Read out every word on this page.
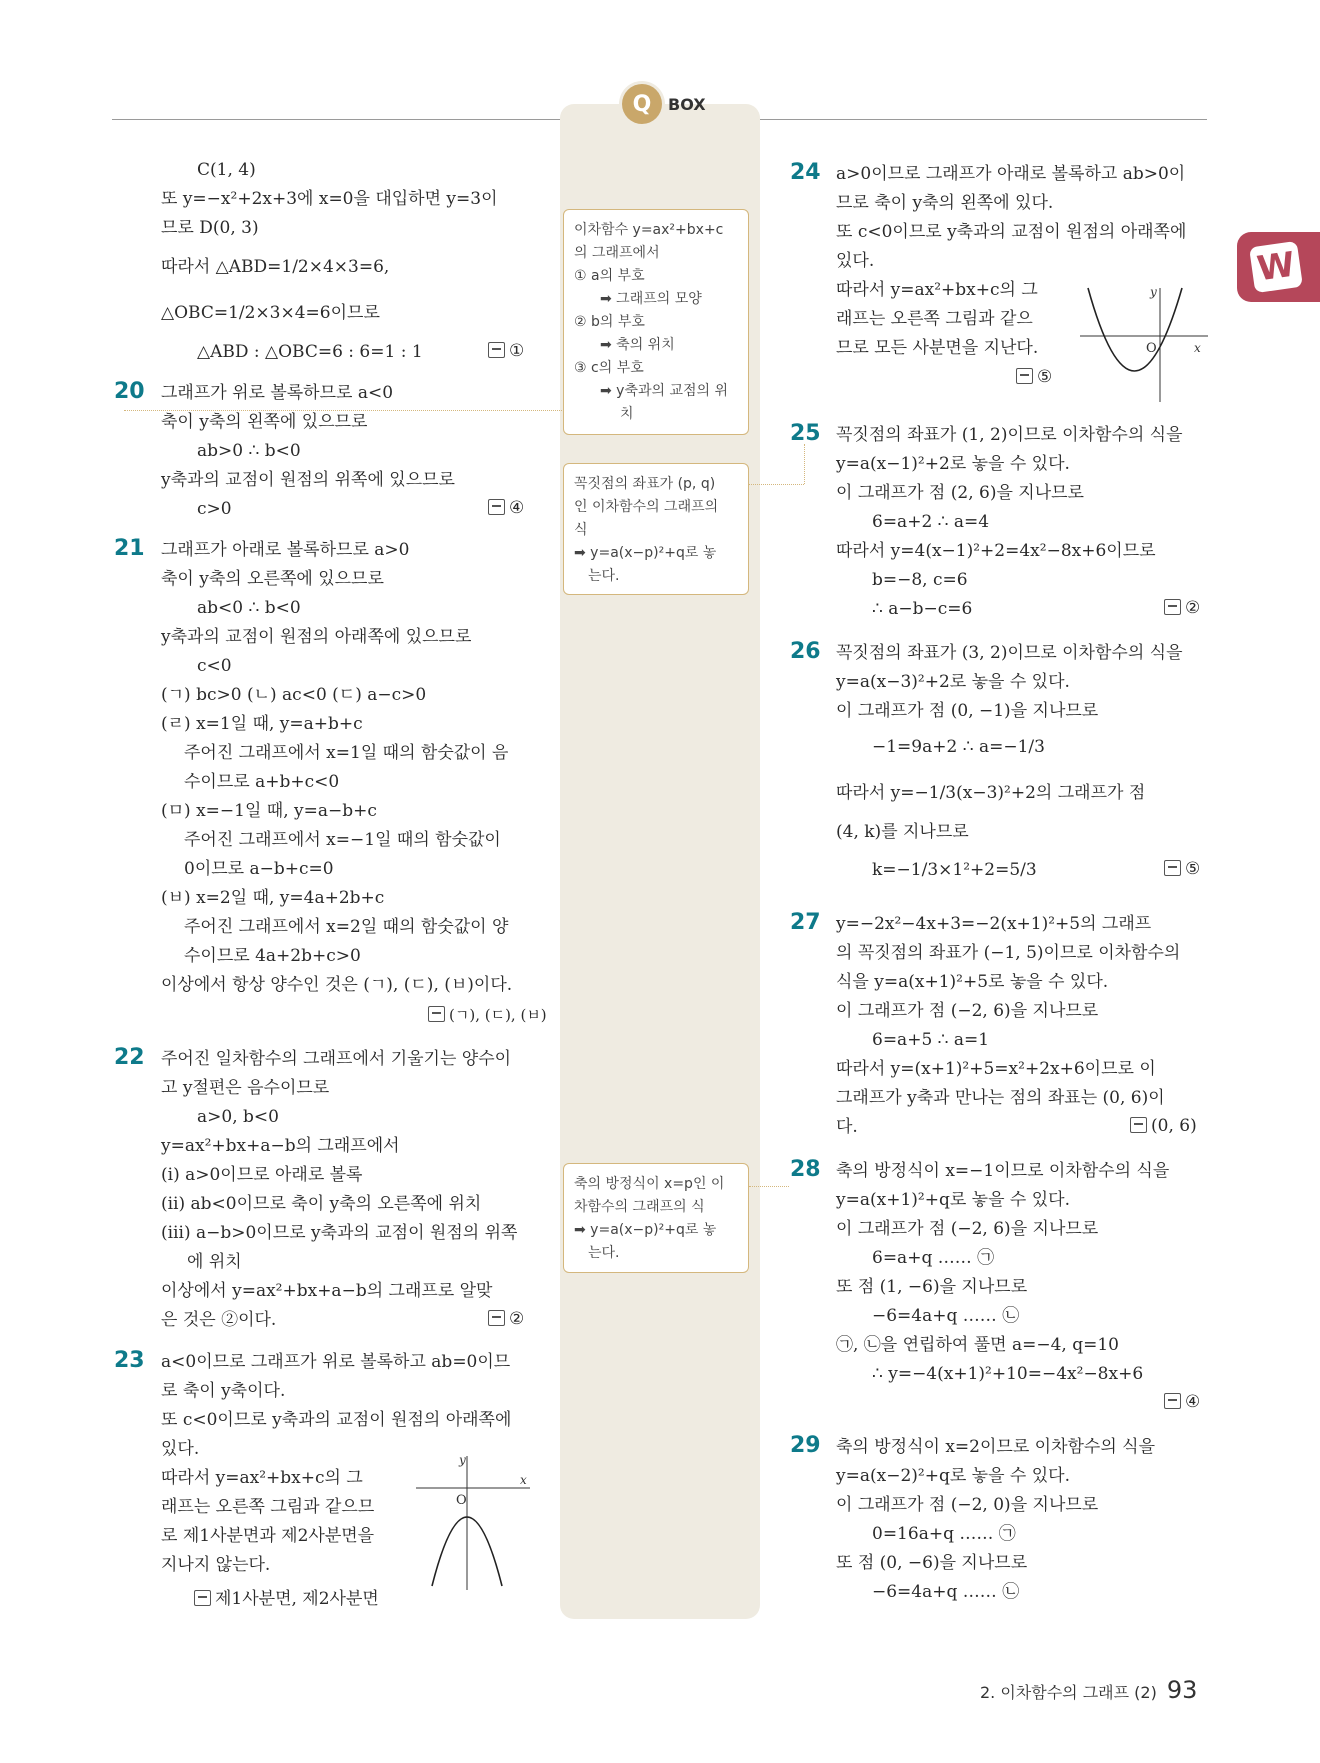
Q	BOX
이차함수 y=ax²+bx+c
의 그래프에서
① a의 부호
➡ 그래프의 모양
② b의 부호
➡ 축의 위치
③ c의 부호
➡ y축과의 교점의 위
치
꼭짓점의 좌표가 (p, q)
인 이차함수의 그래프의
식
➡ y=a(x−p)²+q로 놓
는다.
축의 방정식이 x=p인 이
차함수의 그래프의 식
➡ y=a(x−p)²+q로 놓
는다.
C(1, 4)
또 y=−x²+2x+3에 x=0을 대입하면 y=3이
므로 D(0, 3)
따라서 △ABD=1/2×4×3=6,
△OBC=1/2×3×4=6이므로
△ABD : △OBC=6 : 6=1 : 1	①
20 그래프가 위로 볼록하므로 a<0
축이 y축의 왼쪽에 있으므로
ab>0 ∴ b<0
y축과의 교점이 원점의 위쪽에 있으므로
c>0	④
21 그래프가 아래로 볼록하므로 a>0
축이 y축의 오른쪽에 있으므로
ab<0 ∴ b<0
y축과의 교점이 원점의 아래쪽에 있으므로
c<0
(ㄱ) bc>0 (ㄴ) ac<0 (ㄷ) a−c>0
(ㄹ) x=1일 때, y=a+b+c
주어진 그래프에서 x=1일 때의 함숫값이 음
수이므로 a+b+c<0
(ㅁ) x=−1일 때, y=a−b+c
주어진 그래프에서 x=−1일 때의 함숫값이
0이므로 a−b+c=0
(ㅂ) x=2일 때, y=4a+2b+c
주어진 그래프에서 x=2일 때의 함숫값이 양
수이므로 4a+2b+c>0
이상에서 항상 양수인 것은 (ㄱ), (ㄷ), (ㅂ)이다.
(ㄱ), (ㄷ), (ㅂ)
22 주어진 일차함수의 그래프에서 기울기는 양수이
고 y절편은 음수이므로
a>0, b<0
y=ax²+bx+a−b의 그래프에서
(ⅰ) a>0이므로 아래로 볼록
(ⅱ) ab<0이므로 축이 y축의 오른쪽에 위치
(ⅲ) a−b>0이므로 y축과의 교점이 원점의 위쪽
에 위치
이상에서 y=ax²+bx+a−b의 그래프로 알맞
은 것은 ②이다.	②
23 a<0이므로 그래프가 위로 볼록하고 ab=0이므
로 축이 y축이다.
또 c<0이므로 y축과의 교점이 원점의 아래쪽에
있다.
따라서 y=ax²+bx+c의 그
래프는 오른쪽 그림과 같으므
로 제1사분면과 제2사분면을
지나지 않는다.
제1사분면, 제2사분면
y
x
O
24 a>0이므로 그래프가 아래로 볼록하고 ab>0이
므로 축이 y축의 왼쪽에 있다.
또 c<0이므로 y축과의 교점이 원점의 아래쪽에
있다.
따라서 y=ax²+bx+c의 그
래프는 오른쪽 그림과 같으
므로 모든 사분면을 지난다.
⑤
y
x
O
25 꼭짓점의 좌표가 (1, 2)이므로 이차함수의 식을
y=a(x−1)²+2로 놓을 수 있다.
이 그래프가 점 (2, 6)을 지나므로
6=a+2 ∴ a=4
따라서 y=4(x−1)²+2=4x²−8x+6이므로
b=−8, c=6
∴ a−b−c=6	②
26 꼭짓점의 좌표가 (3, 2)이므로 이차함수의 식을
y=a(x−3)²+2로 놓을 수 있다.
이 그래프가 점 (0, −1)을 지나므로
−1=9a+2 ∴ a=−1/3
따라서 y=−1/3(x−3)²+2의 그래프가 점
(4, k)를 지나므로
k=−1/3×1²+2=5/3	⑤
27 y=−2x²−4x+3=−2(x+1)²+5의 그래프
의 꼭짓점의 좌표가 (−1, 5)이므로 이차함수의
식을 y=a(x+1)²+5로 놓을 수 있다.
이 그래프가 점 (−2, 6)을 지나므로
6=a+5 ∴ a=1
따라서 y=(x+1)²+5=x²+2x+6이므로 이
그래프가 y축과 만나는 점의 좌표는 (0, 6)이
다.	(0, 6)
28 축의 방정식이 x=−1이므로 이차함수의 식을
y=a(x+1)²+q로 놓을 수 있다.
이 그래프가 점 (−2, 6)을 지나므로
6=a+q …… ㉠
또 점 (1, −6)을 지나므로
−6=4a+q …… ㉡
㉠, ㉡을 연립하여 풀면 a=−4, q=10
∴ y=−4(x+1)²+10=−4x²−8x+6
④
29 축의 방정식이 x=2이므로 이차함수의 식을
y=a(x−2)²+q로 놓을 수 있다.
이 그래프가 점 (−2, 0)을 지나므로
0=16a+q …… ㉠
또 점 (0, −6)을 지나므로
−6=4a+q …… ㉡
W
2. 이차함수의 그래프 (2) 93
